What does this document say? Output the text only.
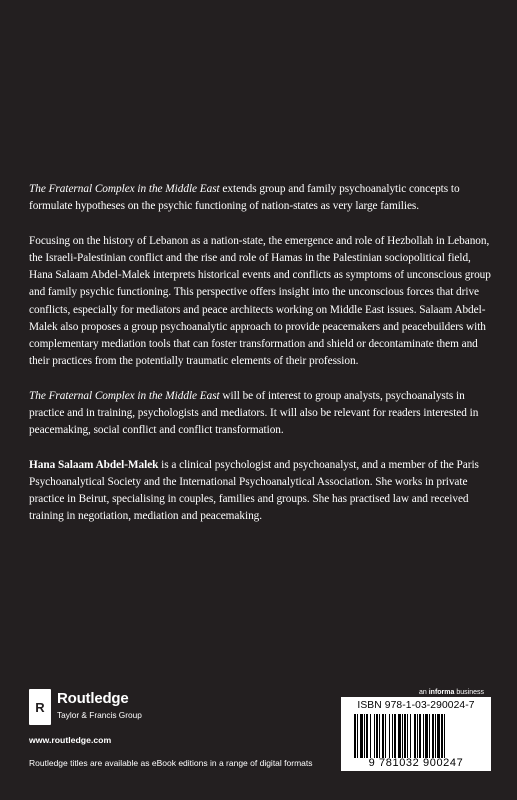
The Fraternal Complex in the Middle East extends group and family psychoanalytic concepts to formulate hypotheses on the psychic functioning of nation-states as very large families.

Focusing on the history of Lebanon as a nation-state, the emergence and role of Hezbollah in Lebanon, the Israeli-Palestinian conflict and the rise and role of Hamas in the Palestinian sociopolitical field, Hana Salaam Abdel-Malek interprets historical events and conflicts as symptoms of unconscious group and family psychic functioning. This perspective offers insight into the unconscious forces that drive conflicts, especially for mediators and peace architects working on Middle East issues. Salaam Abdel-Malek also proposes a group psychoanalytic approach to provide peacemakers and peacebuilders with complementary mediation tools that can foster transformation and shield or decontaminate them and their practices from the potentially traumatic elements of their profession.

The Fraternal Complex in the Middle East will be of interest to group analysts, psychoanalysts in practice and in training, psychologists and mediators. It will also be relevant for readers interested in peacemaking, social conflict and conflict transformation.

Hana Salaam Abdel-Malek is a clinical psychologist and psychoanalyst, and a member of the Paris Psychoanalytical Society and the International Psychoanalytical Association. She works in private practice in Beirut, specialising in couples, families and groups. She has practised law and received training in negotiation, mediation and peacemaking.

R
Routledge
Taylor & Francis Group
www.routledge.com
Routledge titles are available as eBook editions in a range of digital formats
an informa business
ISBN 978-1-03-290024-7
9 781032 900247
